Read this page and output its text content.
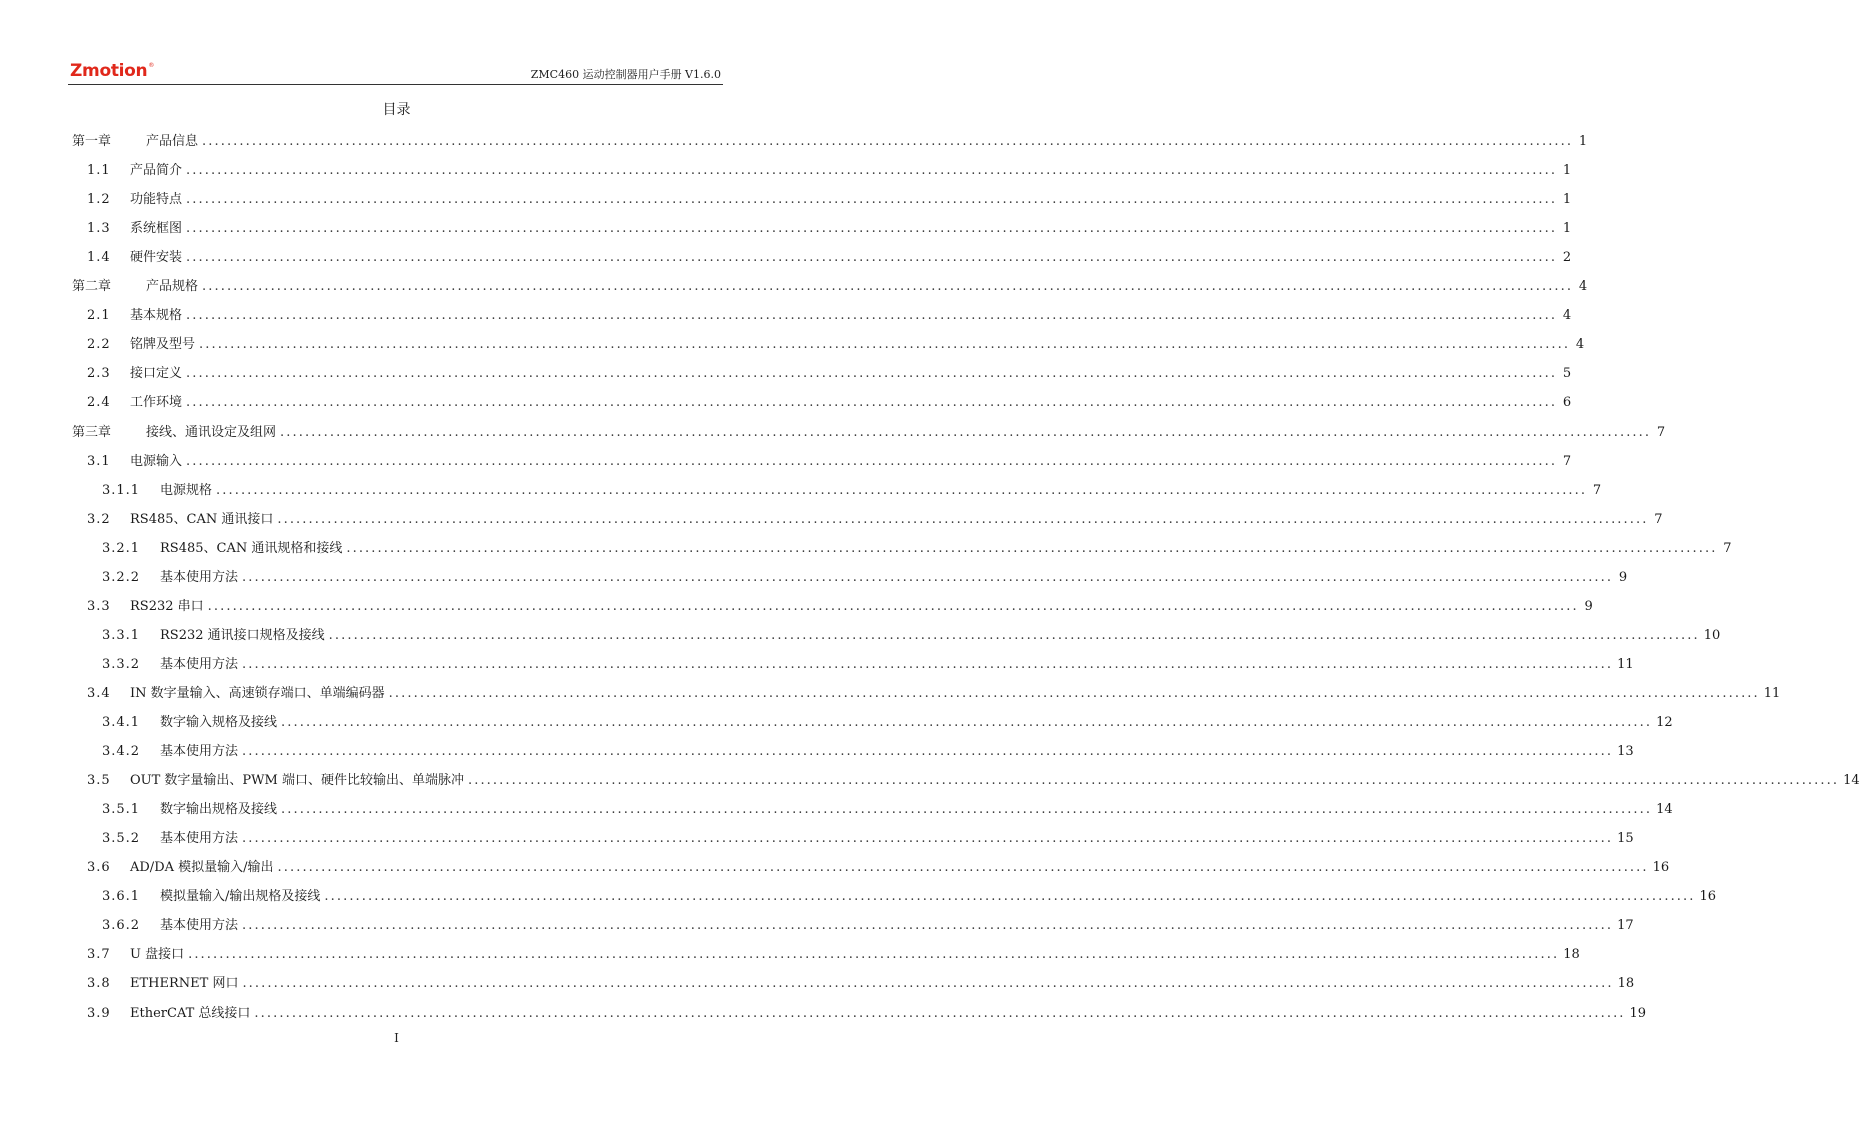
Zmotion®
ZMC460 运动控制器用户手册 V1.6.0
目录
第一章	产品信息 ............................................................................................................................................................................................................................ 1
1.1	产品简介 ............................................................................................................................................................................................................................ 1
1.2	功能特点 ............................................................................................................................................................................................................................ 1
1.3	系统框图 ............................................................................................................................................................................................................................ 1
1.4	硬件安装 ............................................................................................................................................................................................................................ 2
第二章	产品规格 ............................................................................................................................................................................................................................ 4
2.1	基本规格 ............................................................................................................................................................................................................................ 4
2.2	铭牌及型号 ............................................................................................................................................................................................................................ 4
2.3	接口定义 ............................................................................................................................................................................................................................ 5
2.4	工作环境 ............................................................................................................................................................................................................................ 6
第三章	接线、通讯设定及组网 ............................................................................................................................................................................................................................ 7
3.1	电源输入 ............................................................................................................................................................................................................................ 7
3.1.1	电源规格 ............................................................................................................................................................................................................................ 7
3.2	RS485、CAN 通讯接口 ............................................................................................................................................................................................................................ 7
3.2.1	RS485、CAN 通讯规格和接线 ............................................................................................................................................................................................................................ 7
3.2.2	基本使用方法 ............................................................................................................................................................................................................................ 9
3.3	RS232 串口 ............................................................................................................................................................................................................................ 9
3.3.1	RS232 通讯接口规格及接线 ............................................................................................................................................................................................................................ 10
3.3.2	基本使用方法 ............................................................................................................................................................................................................................ 11
3.4	IN 数字量输入、高速锁存端口、单端编码器 ............................................................................................................................................................................................................................ 11
3.4.1	数字输入规格及接线 ............................................................................................................................................................................................................................ 12
3.4.2	基本使用方法 ............................................................................................................................................................................................................................ 13
3.5	OUT 数字量输出、PWM 端口、硬件比较输出、单端脉冲 ............................................................................................................................................................................................................................ 14
3.5.1	数字输出规格及接线 ............................................................................................................................................................................................................................ 14
3.5.2	基本使用方法 ............................................................................................................................................................................................................................ 15
3.6	AD/DA 模拟量输入/输出 ............................................................................................................................................................................................................................ 16
3.6.1	模拟量输入/输出规格及接线 ............................................................................................................................................................................................................................ 16
3.6.2	基本使用方法 ............................................................................................................................................................................................................................ 17
3.7	U 盘接口 ............................................................................................................................................................................................................................ 18
3.8	ETHERNET 网口 ............................................................................................................................................................................................................................ 18
3.9	EtherCAT 总线接口 ............................................................................................................................................................................................................................ 19
I
